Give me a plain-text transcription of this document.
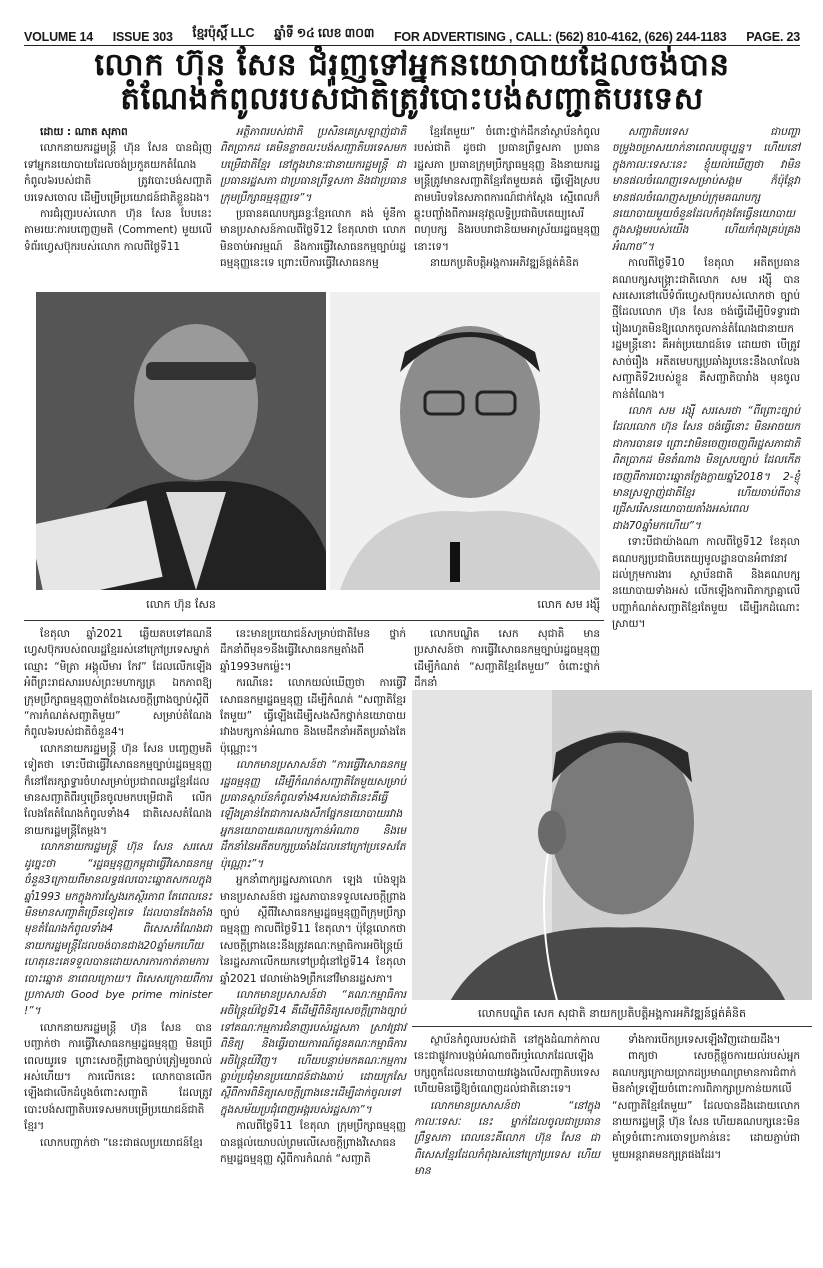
VOLUME 14 ISSUE 303 ខ្មែរប៉ុស្ដិ៍ LLC ឆ្នាំទី ១៤ លេខ ៣០៣ FOR ADVERTISING , CALL: (562) 810-4162, (626) 244-1183 PAGE. 23
លោក ហ៊ុន សែន ជំរុញទៅអ្នកនយោបាយដែលចង់បាន
តំណែងកំពូលរបស់ជាតិត្រូវបោះបង់សញ្ជាតិបរទេស

ដោយ : ណាត សុភាព

លោកនាយករដ្ឋមន្ត្រី ហ៊ុន សែន បានជំរុញទៅអ្នកនយោបាយដែលចង់ប្រកួតយកតំណែងកំពូល៦របស់ជាតិ ត្រូវបោះបង់សញ្ជាតិបរទេសចោល ដើម្បីបម្រើប្រយោជន៍ជាតិខ្លួនឯង។

ការជំរុញរបស់លោក ហ៊ុន សែន បែបនេះតាមរយៈការបញ្ចេញមតិ (Comment) មួយលើទំព័រហ្វេសប៊ុករបស់លោក កាលពីថ្ងៃទី11

អត្ថិភាពរបស់ជាតិ ប្រសិនគេស្រឡាញ់ជាតិពិតប្រាកដ គេមិនខ្លាចលះបង់សញ្ជាតិបរទេសមកបម្រើជាតិខ្មែរ នៅក្នុងឋានៈជានាយករដ្ឋមន្ត្រី ជាប្រធានរដ្ឋសភា ជាប្រធានព្រឹទ្ធសភា និងជាប្រធានក្រុមប្រឹក្សាធម្មនុញ្ញទេ”។

ប្រធានគណបក្សឆន្ទៈខ្មែរលោក គង់ ម៉ូនីកា មានប្រសាសន៍កាលពីថ្ងៃទី12 ខែតុលាថា លោកមិនចាប់អារម្មណ៍ នឹងការធ្វើវិសោធនកម្មច្បាប់រដ្ឋធម្មនុញ្ញនេះទេ ព្រោះបើការធ្វើវិសោធនកម្ម

ខ្មែរតែមួយ” ចំពោះថ្នាក់ដឹកនាំស្ថាប័នកំពូលរបស់ជាតិ ដូចជា ប្រធានព្រឹទ្ធសភា ប្រធានរដ្ឋសភា ប្រធានក្រុមប្រឹក្សាធម្មនុញ្ញ និងនាយករដ្ឋមន្ត្រីត្រូវមានសញ្ជាតិខ្មែរតែមួយគត់ ធ្វើឡើងស្របតាមបរិបទនៃសភាពការណ៍ជាក់ស្តែង ស្មើពេលក៏ឆ្លុះបញ្ចាំងពីការអនុវត្តលទ្ធិប្រជាធិបតេយ្យសេរី ពហុបក្ស និងរបបរាជានិយមអាស្រ័យរដ្ឋធម្មនុញ្ញនោះទេ។

នាយកប្រតិបត្តិអង្គការអភិវឌ្ឍន៍ផ្តត់គំនិត

សញ្ជាតិបរទេស ជាបញ្ហាចម្រូងចម្រាសយាក់នាពេលបច្ចុប្បន្ន។ ហើយនៅក្នុងកាលៈទេសៈនេះ ខ្ញុំយល់ឃើញថា វាមិនមានផលចំណេញទេសម្រាប់សង្គម ក៏ប៉ុន្តែវាមានផលចំណេញសម្រាប់ក្រុមគណបក្សនយោបាយមួយចំនួនដែលកំពុងតែធ្វើនយោបាយក្នុងសង្គមរបស់យើង ហើយកំពុងគ្រប់គ្រងអំណាច”។

កាលពីថ្ងៃទី10 ខែតុលា អតីតប្រធានគណបក្សសង្គ្រោះជាតិលោក សម រង្ស៊ី បានសរសេរនៅលើទំព័រហ្វេសប៊ុករបស់លោកថា ច្បាប់ថ្មីដែលលោក ហ៊ុន សែន ចង់ធ្វើដើម្បីបិទទ្វារជារៀងរហូតមិនឱ្យលោកចូលកាន់តំណែងជានាយករដ្ឋមន្ត្រីនោះ គឺអត់ប្រយោជន៍ទេ ដោយថា បើត្រូវសាច់រឿង អតីតមេបក្សប្រឆាំងរូបនេះនឹងលាលែងសញ្ជាតិទី2របស់ខ្លួន គឺសញ្ជាតិបារាំង មុនចូលកាន់តំណែង។

លោក សម រង្ស៊ី សរសេរថា “ពីព្រោះច្បាប់ដែលលោក ហ៊ុន សែន ចង់ធ្វើនោះ មិនអាចយកជាការបានទេ ព្រោះវាមិនចេញចេញពីរដ្ឋសភាជាតិពិតប្រាកដ មិនតំណាង មិនស្របច្បាប់ ដែលកើតចេញពីការបោះឆ្នោតក្លែងក្លាយឆ្នាំ2018។ 2-ខ្ញុំមានស្រឡាញ់ជាតិខ្មែរ ហើយចាប់ពីបានជ្រើសរើសនយោបាយតាំងអស់ពេលជាង70ឆ្នាំមកហើយ”។

ទោះបីជាយ៉ាងណា កាលពីថ្ងៃទី12 ខែតុលា គណបក្សប្រជាធិបតេយ្យមូលដ្ឋានបានអំពាវនាវដល់ក្រុមការងារ ស្ថាប័នជាតិ និងគណបក្សនយោបាយទាំងអស់ លើកឡើងការពិភាក្សាគ្នាលើបញ្ហាកំណត់សញ្ជាតិខ្មែរតែមួយ ដើម្បីរកដំណោះស្រាយ។

លោក ហ៊ុន សែន	លោក សម រង្ស៊ី

ខែតុលា ឆ្នាំ2021 ឆ្លើយតបទៅគណនីហ្វេសប៊ុករបស់ពលរដ្ឋខ្មែររស់នៅក្រៅប្រទេសម្នាក់ឈ្មោះ “មិត្រា អង្គុលីមារ កែវ” ដែលលើកឡើងអំពីព្រះរាជសាររបស់ព្រះមហាក្សត្រ ឯកភាពឱ្យក្រុមប្រឹក្សាធម្មនុញ្ញចាត់ចែងសេចក្តីព្រាងច្បាប់ស្តីពី “ការកំណត់សញ្ជាតិមួយ” សម្រាប់តំណែងកំពូល៦របស់ជាតិចំនួន4។

លោកនាយករដ្ឋមន្ត្រី ហ៊ុន សែន បញ្ចេញមតិទៀតថា ទោះបីជាធ្វើវិសោធនកម្មច្បាប់រដ្ឋធម្មនុញ្ញក៏នៅតែរក្សាទ្វារចំហសម្រាប់ប្រជាពលរដ្ឋខ្មែរដែលមានសញ្ជាតិពីរឬច្រើនចូលមកបម្រើជាតិ លើកលែងតែតំណែងកំពូលទាំង4 ជាតិសេសតំណែងនាយករដ្ឋមន្ត្រីតែម្តង។

លោកនាយករដ្ឋមន្ត្រី ហ៊ុន សែន សរសេរដូច្នេះថា “រដ្ឋធម្មនុញ្ញកម្ពុជាធ្វើវិសោធនកម្មចំនួន3ក្រោយពីមានលទ្ធផលបោះឆ្នោតសកលក្នុងឆ្នាំ1993 មកក្នុងការស្វែងរកស្ថិរភាព តែពេលនេះមិនមានសញ្ជាតិច្រើនទៀតទេ ដែលបានតែងតាំងមុខតំណែងកំពូលទាំង4 ពិសេសតំណែងជានាយករដ្ឋមន្ត្រីដែលចង់បានជាង20ឆ្នាំមកហើយ ហេតុនេះគេទទួលបានដោយសារការកាត់តាមការបោះឆ្នោត នាពេលក្រោយ។ ពិសេសក្រោយពីការប្រកាសថា Good bye prime minister !”។

លោកនាយករដ្ឋមន្ត្រី ហ៊ុន សែន បានបញ្ជាក់ថា ការធ្វើវិសោធនកម្មរដ្ឋធម្មនុញ្ញ មិនប្រើពេលយូរទេ ព្រោះសេចក្តីព្រាងច្បាប់ត្រៀមរួចរាល់អស់ហើយ។ ការលើកនេះ លោកបានលើកឡើងជាលើកដំបូងចំពោះសញ្ជាតិ ដែលត្រូវបោះបង់សញ្ជាតិបរទេសមកបម្រើប្រយោជន៍ជាតិខ្មែរ។

លោកបញ្ជាក់ថា “នេះជាផលប្រយោជន៍ខ្មែរ

នេះមានប្រយោជន៍សម្រាប់ជាតិមែន ថ្នាក់ដឹកនាំពីមុន១នឹងធ្វើវិសោធនកម្មតាំងពីឆ្នាំ1993មកម្ល៉េះ។

ករណីនេះ លោកយល់ឃើញថា ការធ្វើវិសោធនកម្មរដ្ឋធម្មនុញ្ញ ដើម្បីកំណត់ “សញ្ជាតិខ្មែរតែមួយ” ធ្វើឡើងដើម្បីសងសឹកថ្នាក់នយោបាយរវាងបក្សកាន់អំណាច និងមេដឹកនាំអតីតប្រឆាំងតែប៉ុណ្ណោះ។

លោកមានប្រសាសន៍ថា “ការធ្វើវិសោធនកម្មរដ្ឋធម្មនុញ្ញ ដើម្បីកំណត់សញ្ជាតិតែមួយសម្រាប់ប្រធានស្ថាប័នកំពូលទាំង4របស់ជាតិនេះគឺធ្វើឡើងគ្រាន់តែជាការសងសឹកផ្នែកនយោបាយរវាងអ្នកនយោបាយគណបក្សកាន់អំណាច និងមេដឹកនាំនៃអតីតបក្សប្រឆាំងដែលនៅក្រៅប្រទេសតែប៉ុណ្ណោះ”។

អ្នកនាំពាក្យរដ្ឋសភាលោក ឡេង ប៉េងឡុងមានប្រសាសន៍ថា រដ្ឋសភាបានទទួលសេចក្តីព្រាងច្បាប់ ស្តីពីវិសោធនកម្មរដ្ឋធម្មនុញ្ញពីក្រុមប្រឹក្សាធម្មនុញ្ញ កាលពីថ្ងៃទី11 ខែតុលា។ ប៉ុន្តែលោកថា សេចក្តីព្រាងនេះនឹងត្រូវគណៈកម្មាធិការអចិន្ត្រៃយ៍នៃរដ្ឋសភាលើកយកទៅប្រជុំនៅថ្ងៃទី14 ខែតុលា ឆ្នាំ2021 វេលាម៉ោង9ព្រឹកនៅវិមានរដ្ឋសភា។

លោកមានប្រសាសន៍ថា “គណៈកម្មាធិការអចិន្ត្រៃយ៍ថ្ងៃទី14 គឺដើម្បីពិនិត្យសេចក្តីព្រាងច្បាប់ទៅគណៈកម្មការជំនាញរបស់រដ្ឋសភា ស្រាវជ្រាវ ពិនិត្យ និងធ្វើរបាយការណ៍ជូនគណៈកម្មាធិការអចិន្ត្រៃយ៍វិញ។ ហើយបន្ទាប់មកគណៈកម្មការ ធ្លាប់ប្រជុំមានប្រយោជន៍ជាងឆាប់ ដោយក្រសែស្តីពីការពិនិត្យសេចក្តីព្រាងនេះដើម្បីដាក់ចូលទៅក្នុងសម័យប្រជុំពេញអង្គរបស់រដ្ឋសភា”។

កាលពីថ្ងៃទី11 ខែតុលា ក្រុមប្រឹក្សាធម្មនុញ្ញបានផ្តល់យោបល់ព្រមលើសេចក្តីព្រាងវិសោធនកម្មរដ្ឋធម្មនុញ្ញ ស្តីពីការកំណត់ “សញ្ជាតិ

លោកបណ្ឌិត សេក សុជាតិ មានប្រសាសន៍ថា ការធ្វើវិសោធនកម្មច្បាប់រដ្ឋធម្មនុញ្ញ ដើម្បីកំណត់ “សញ្ជាតិខ្មែរតែមួយ” ចំពោះថ្នាក់ដឹកនាំ

លោកបណ្ឌិត សេក សុជាតិ នាយកប្រតិបត្តិអង្គការអភិវឌ្ឍន៍ផ្តត់គំនិត

ស្ថាប័នកំពូលរបស់ជាតិ នៅក្នុងដំណាក់កាលនេះជាផ្លូវការបង្កប់អំណាចពីរឬរំលោភដែលឡើងបក្សពួកដែលនយោបាយវង្វេងលើសញ្ជាតិបរទេស ហើយមិនធ្វើឱ្យចំណេញដល់ជាតិនោះទេ។

លោកមានប្រសាសន៍ថា “នៅក្នុងកាលៈទេសៈ នេះ ម្នាក់ដែលចូលជាប្រធានព្រឹទ្ធសភា ពេលនេះគឺលោក ហ៊ុន សែន ជាពិសេសខ្មែរដែលកំពុងរស់នៅក្រៅប្រទេស ហើយមាន

ទាំងការបើកប្រទេសឡើងវិញដោយដឹង។

ពាក្យថា សេចក្តីផ្តួចការយល់របស់អ្នកគណបក្សក្រោយប្រាកដប្រមាណព្រមានការជំពាក់មិនកាំទ្រឡើយចំពោះការពិភាក្សាប្រកាន់យកលើ “សញ្ជាតិខ្មែរតែមួយ” ដែលបានដឹងដោយលោកនាយករដ្ឋមន្ត្រី ហ៊ុន សែន ហើយគណបក្សនេះមិនគាំទ្រចំពោះការចោទប្រកាន់នេះ ដោយភ្ជាប់ជាមួយអន្តរាគមនក្សត្រផងដែរ។
